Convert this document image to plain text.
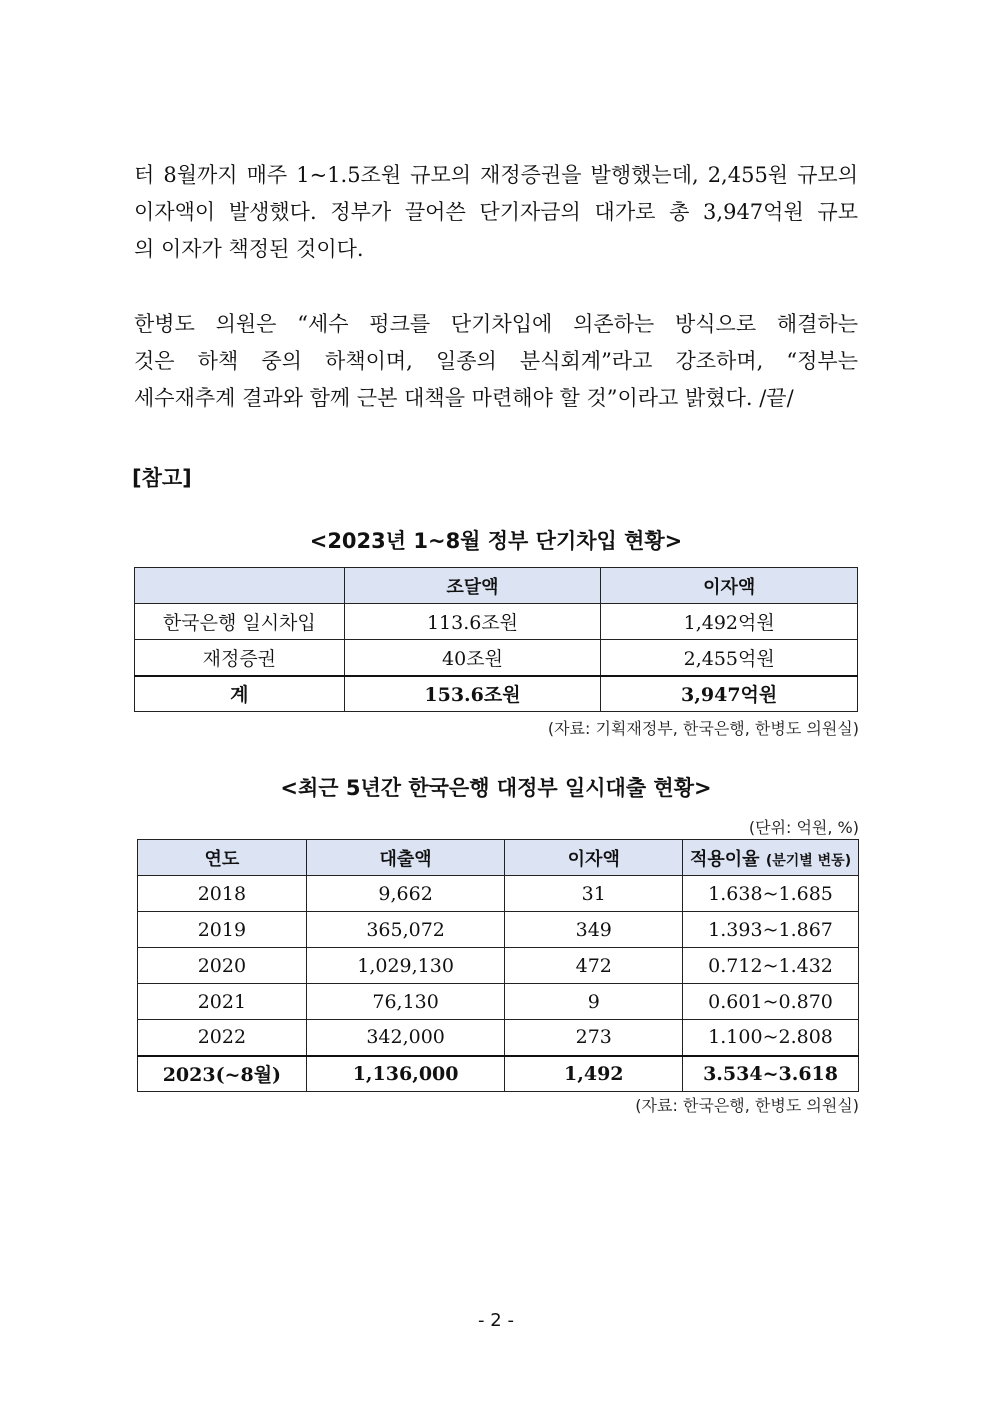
터 8월까지 매주 1~1.5조원 규모의 재정증권을 발행했는데, 2,455원 규모의
이자액이 발생했다. 정부가 끌어쓴 단기자금의 대가로 총 3,947억원 규모
의 이자가 책정된 것이다.
한병도 의원은 “세수 펑크를 단기차입에 의존하는 방식으로 해결하는
것은 하책 중의 하책이며, 일종의 분식회계”라고 강조하며, “정부는
세수재추계 결과와 함께 근본 대책을 마련해야 할 것”이라고 밝혔다. /끝/

[참고]

<2023년 1~8월 정부 단기차입 현황>

	조달액	이자액
한국은행 일시차입	113.6조원	1,492억원
재정증권	40조원	2,455억원
계	153.6조원	3,947억원

(자료: 기획재정부, 한국은행, 한병도 의원실)

<최근 5년간 한국은행 대정부 일시대출 현황>

(단위: 억원, %)

연도	대출액	이자액	적용이율 (분기별 변동)
2018	9,662	31	1.638~1.685
2019	365,072	349	1.393~1.867
2020	1,029,130	472	0.712~1.432
2021	76,130	9	0.601~0.870
2022	342,000	273	1.100~2.808
2023(~8월)	1,136,000	1,492	3.534~3.618

(자료: 한국은행, 한병도 의원실)

- 2 -
